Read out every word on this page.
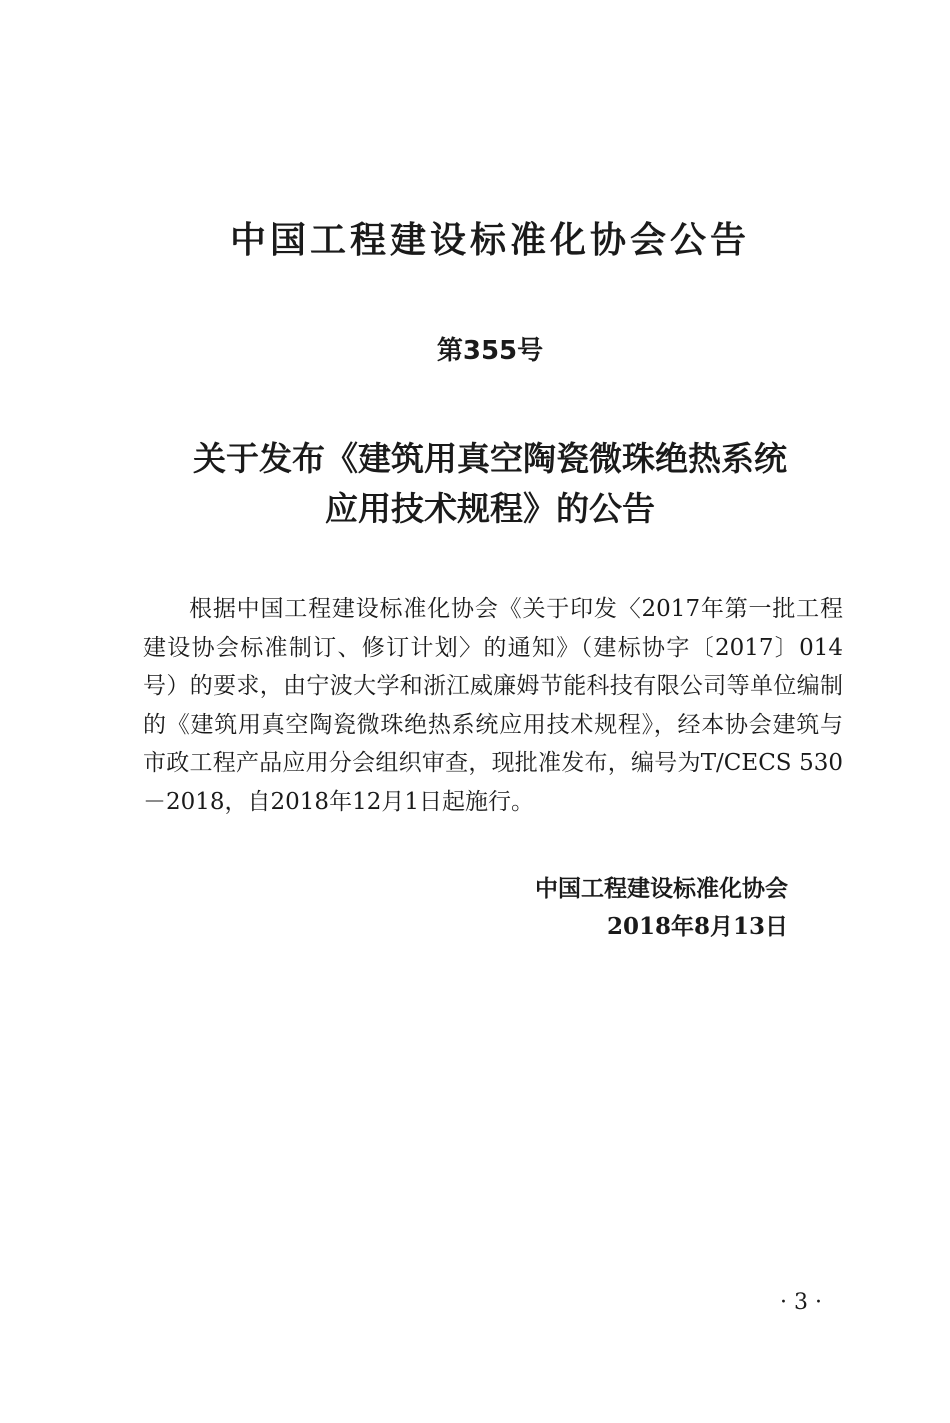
中国工程建设标准化协会公告
第355号
关于发布《建筑用真空陶瓷微珠绝热系统
应用技术规程》的公告

根据中国工程建设标准化协会《关于印发〈2017年第一批工程建设协会标准制订、修订计划〉的通知》（建标协字〔2017〕014号）的要求，由宁波大学和浙江威廉姆节能科技有限公司等单位编制的《建筑用真空陶瓷微珠绝热系统应用技术规程》，经本协会建筑与市政工程产品应用分会组织审查，现批准发布，编号为T/CECS 530－2018，自2018年12月1日起施行。

中国工程建设标准化协会

2018年8月13日

· 3 ·
